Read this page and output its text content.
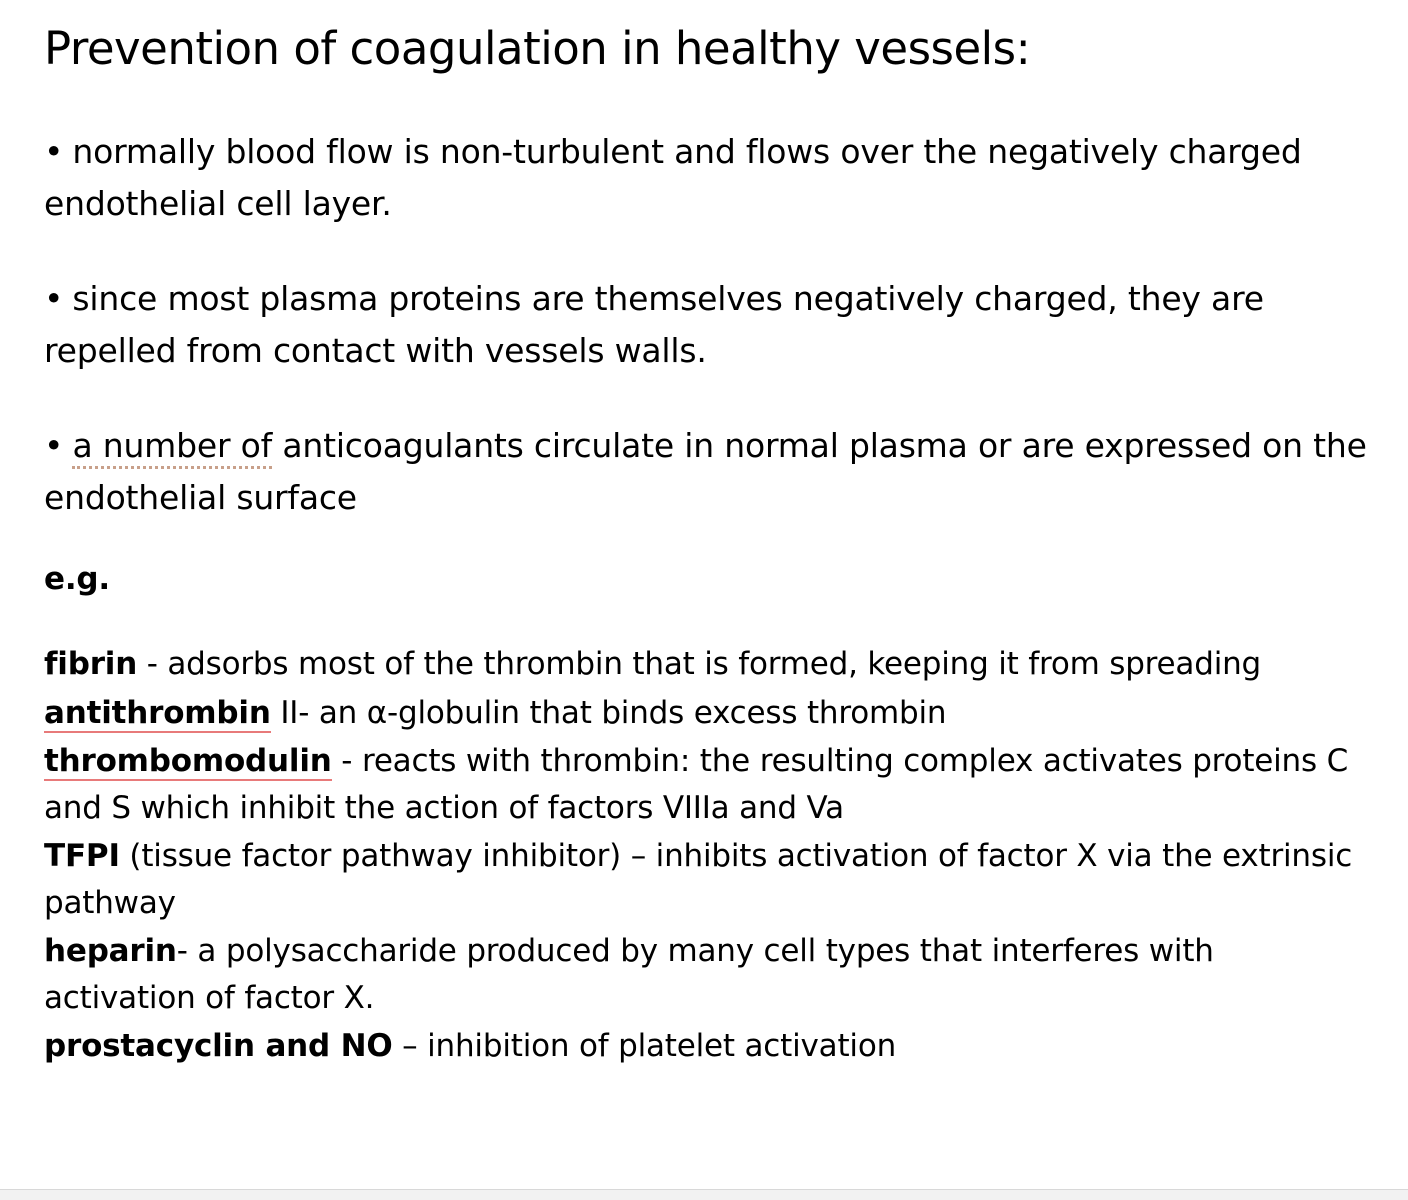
Prevention of coagulation in healthy vessels:
• normally blood flow is non-turbulent and flows over the negatively charged endothelial cell layer.
• since most plasma proteins are themselves negatively charged, they are repelled from contact with vessels walls.
• a number of anticoagulants circulate in normal plasma or are expressed on the endothelial surface
e.g.
fibrin - adsorbs most of the thrombin that is formed, keeping it from spreading
antithrombin II- an α-globulin that binds excess thrombin
thrombomodulin - reacts with thrombin: the resulting complex activates proteins C and S which inhibit the action of factors VIIIa and Va
TFPI (tissue factor pathway inhibitor) – inhibits activation of factor X via the extrinsic pathway
heparin- a polysaccharide produced by many cell types that interferes with activation of factor X.
prostacyclin and NO – inhibition of platelet activation
